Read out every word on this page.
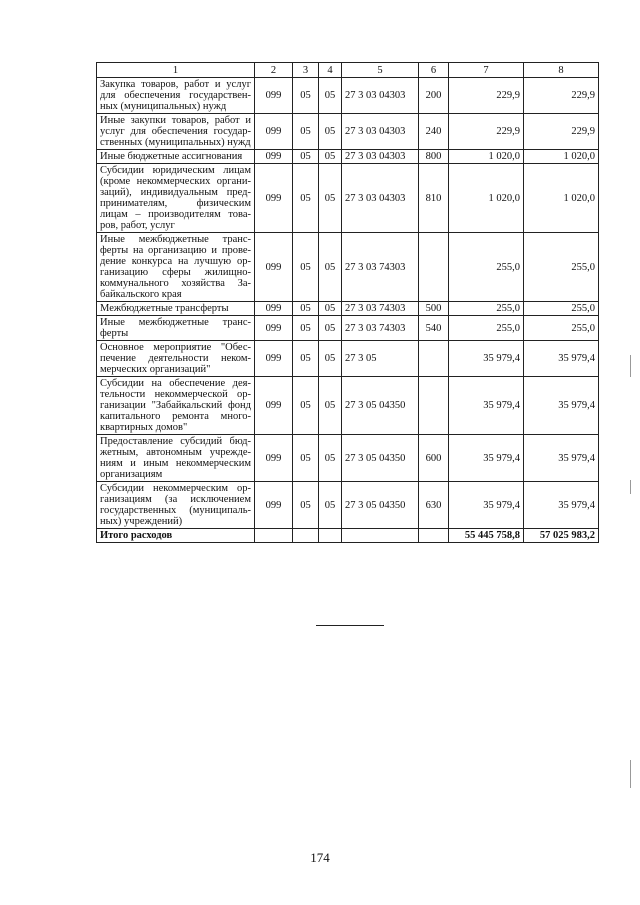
1	2	3	4	5	6	7	8
Закупка товаров, работ и услуг для обеспечения государствен-ных (муниципальных) нужд	099	05	05	27 3 03 04303	200	229,9	229,9
Иные закупки товаров, работ и услуг для обеспечения государ-ственных (муниципальных) нужд	099	05	05	27 3 03 04303	240	229,9	229,9
Иные бюджетные ассигнования	099	05	05	27 3 03 04303	800	1 020,0	1 020,0
Субсидии юридическим лицам (кроме некоммерческих органи-заций), индивидуальным пред-принимателям, физическим лицам – производителям това-ров, работ, услуг	099	05	05	27 3 03 04303	810	1 020,0	1 020,0
Иные межбюджетные транс-ферты на организацию и прове-дение конкурса на лучшую ор-ганизацию сферы жилищно-коммунального хозяйства За-байкальского края	099	05	05	27 3 03 74303		255,0	255,0
Межбюджетные трансферты	099	05	05	27 3 03 74303	500	255,0	255,0
Иные межбюджетные транс-ферты	099	05	05	27 3 03 74303	540	255,0	255,0
Основное мероприятие "Обес-печение деятельности неком-мерческих организаций"	099	05	05	27 3 05		35 979,4	35 979,4
Субсидии на обеспечение дея-тельности некоммерческой ор-ганизации "Забайкальский фонд капитального ремонта много-квартирных домов"	099	05	05	27 3 05 04350		35 979,4	35 979,4
Предоставление субсидий бюд-жетным, автономным учрежде-ниям и иным некоммерческим организациям	099	05	05	27 3 05 04350	600	35 979,4	35 979,4
Субсидии некоммерческим ор-ганизациям (за исключением государственных (муниципаль-ных) учреждений)	099	05	05	27 3 05 04350	630	35 979,4	35 979,4
Итого расходов						55 445 758,8	57 025 983,2
174
